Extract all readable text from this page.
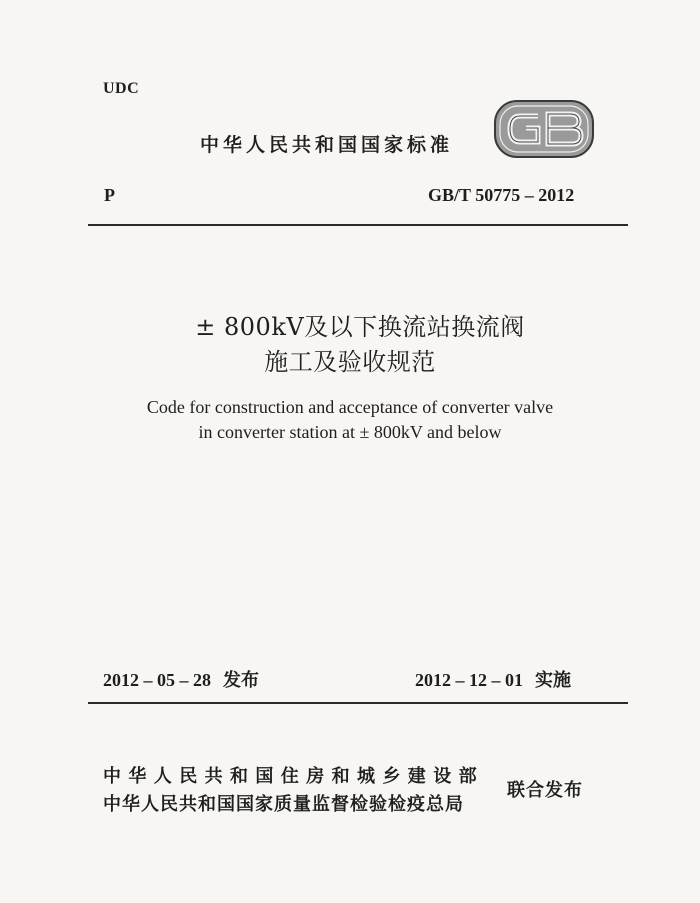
UDC
中华人民共和国国家标准
P	GB/T 50775 – 2012
± 800kV及以下换流站换流阀
施工及验收规范
Code for construction and acceptance of converter valve
in converter station at ± 800kV and below
2012 – 05 – 28 发布	2012 – 12 – 01 实施
中华人民共和国住房和城乡建设部
中华人民共和国国家质量监督检验检疫总局
联合发布
